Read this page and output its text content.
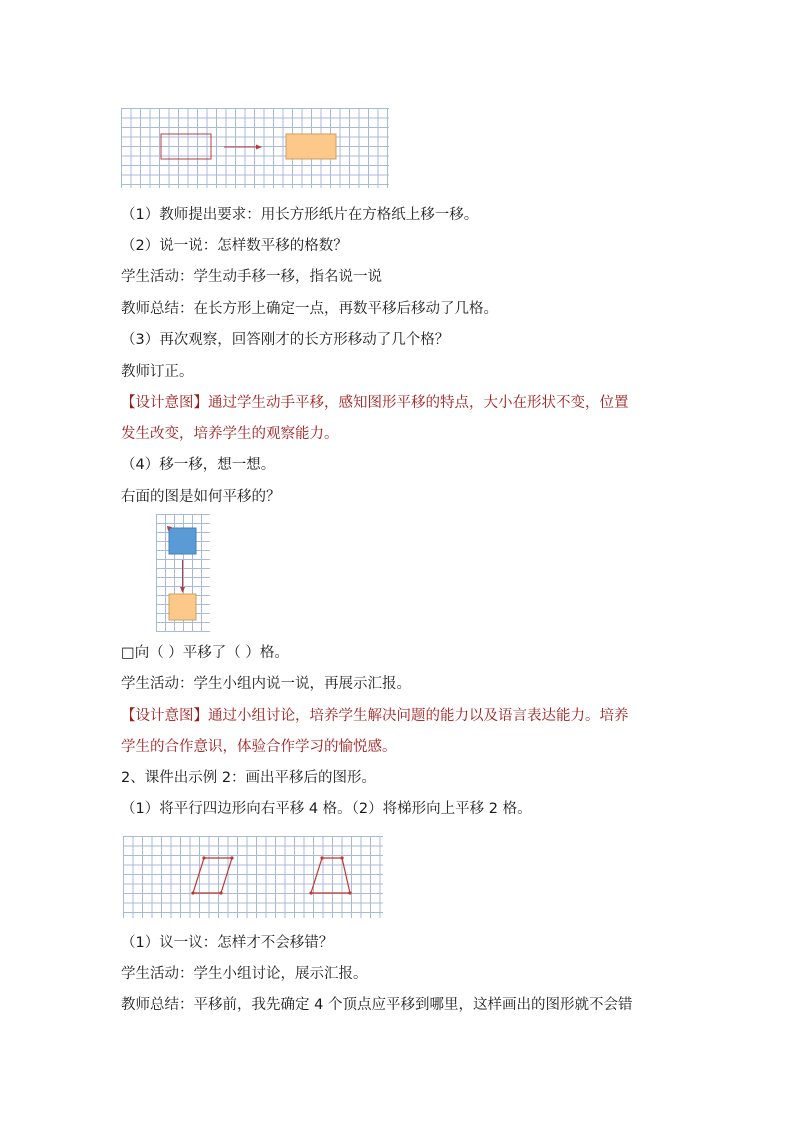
（1）教师提出要求：用长方形纸片在方格纸上移一移。
（2）说一说：怎样数平移的格数？
学生活动：学生动手移一移，指名说一说
教师总结：在长方形上确定一点，再数平移后移动了几格。
（3）再次观察，回答刚才的长方形移动了几个格？
教师订正。
【设计意图】通过学生动手平移，感知图形平移的特点，大小在形状不变，位置
发生改变，培养学生的观察能力。
（4）移一移，想一想。
右面的图是如何平移的？
□向（ ）平移了（ ）格。
学生活动：学生小组内说一说，再展示汇报。
【设计意图】通过小组讨论，培养学生解决问题的能力以及语言表达能力。培养
学生的合作意识，体验合作学习的愉悦感。
2、课件出示例 2：画出平移后的图形。
（1）将平行四边形向右平移 4 格。（2）将梯形向上平移 2 格。
（1）议一议：怎样才不会移错？
学生活动：学生小组讨论，展示汇报。
教师总结：平移前，我先确定 4 个顶点应平移到哪里，这样画出的图形就不会错
